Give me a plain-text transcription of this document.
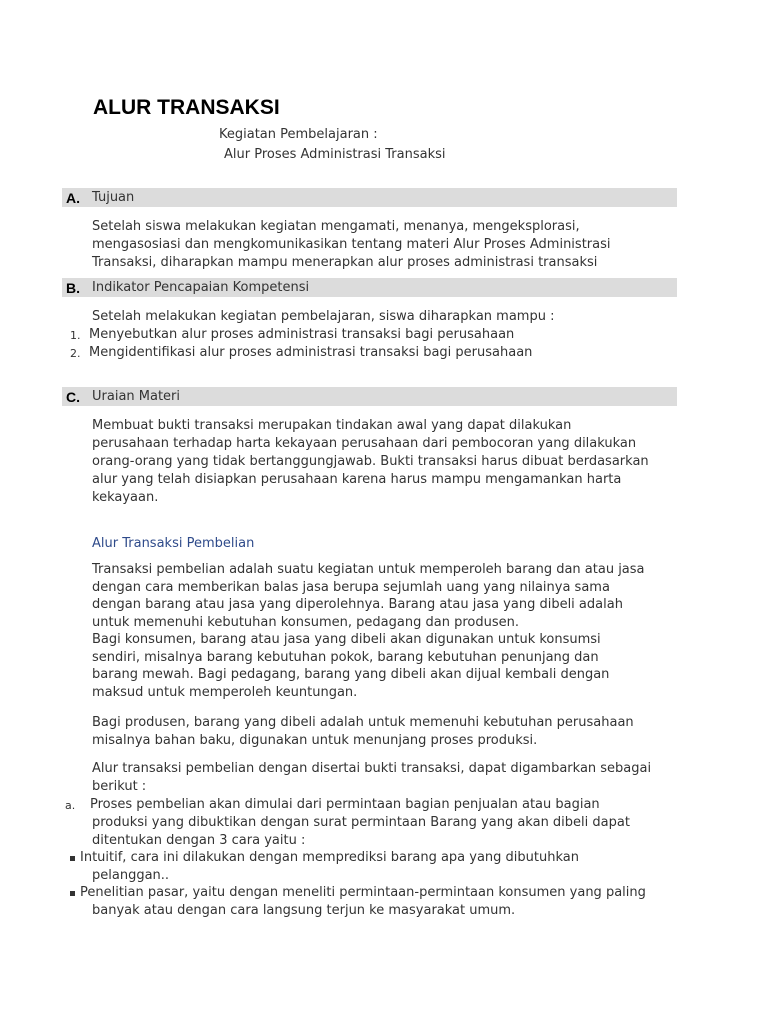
ALUR TRANSAKSI
Kegiatan Pembelajaran :
Alur Proses Administrasi Transaksi
A. Tujuan
Setelah siswa melakukan kegiatan mengamati, menanya, mengeksplorasi,
mengasosiasi dan mengkomunikasikan tentang materi Alur Proses Administrasi
Transaksi, diharapkan mampu menerapkan alur proses administrasi transaksi
B. Indikator Pencapaian Kompetensi
Setelah melakukan kegiatan pembelajaran, siswa diharapkan mampu :
1. Menyebutkan alur proses administrasi transaksi bagi perusahaan
2. Mengidentifikasi alur proses administrasi transaksi bagi perusahaan
C. Uraian Materi
Membuat bukti transaksi merupakan tindakan awal yang dapat dilakukan
perusahaan terhadap harta kekayaan perusahaan dari pembocoran yang dilakukan
orang-orang yang tidak bertanggungjawab. Bukti transaksi harus dibuat berdasarkan
alur yang telah disiapkan perusahaan karena harus mampu mengamankan harta
kekayaan.
Alur Transaksi Pembelian
Transaksi pembelian adalah suatu kegiatan untuk memperoleh barang dan atau jasa
dengan cara memberikan balas jasa berupa sejumlah uang yang nilainya sama
dengan barang atau jasa yang diperolehnya. Barang atau jasa yang dibeli adalah
untuk memenuhi kebutuhan konsumen, pedagang dan produsen.
Bagi konsumen, barang atau jasa yang dibeli akan digunakan untuk konsumsi
sendiri, misalnya barang kebutuhan pokok, barang kebutuhan penunjang dan
barang mewah. Bagi pedagang, barang yang dibeli akan dijual kembali dengan
maksud untuk memperoleh keuntungan.
Bagi produsen, barang yang dibeli adalah untuk memenuhi kebutuhan perusahaan
misalnya bahan baku, digunakan untuk menunjang proses produksi.
Alur transaksi pembelian dengan disertai bukti transaksi, dapat digambarkan sebagai
berikut :
a. Proses pembelian akan dimulai dari permintaan bagian penjualan atau bagian
produksi yang dibuktikan dengan surat permintaan Barang yang akan dibeli dapat
ditentukan dengan 3 cara yaitu :
Intuitif, cara ini dilakukan dengan memprediksi barang apa yang dibutuhkan
pelanggan..
Penelitian pasar, yaitu dengan meneliti permintaan-permintaan konsumen yang paling
banyak atau dengan cara langsung terjun ke masyarakat umum.
